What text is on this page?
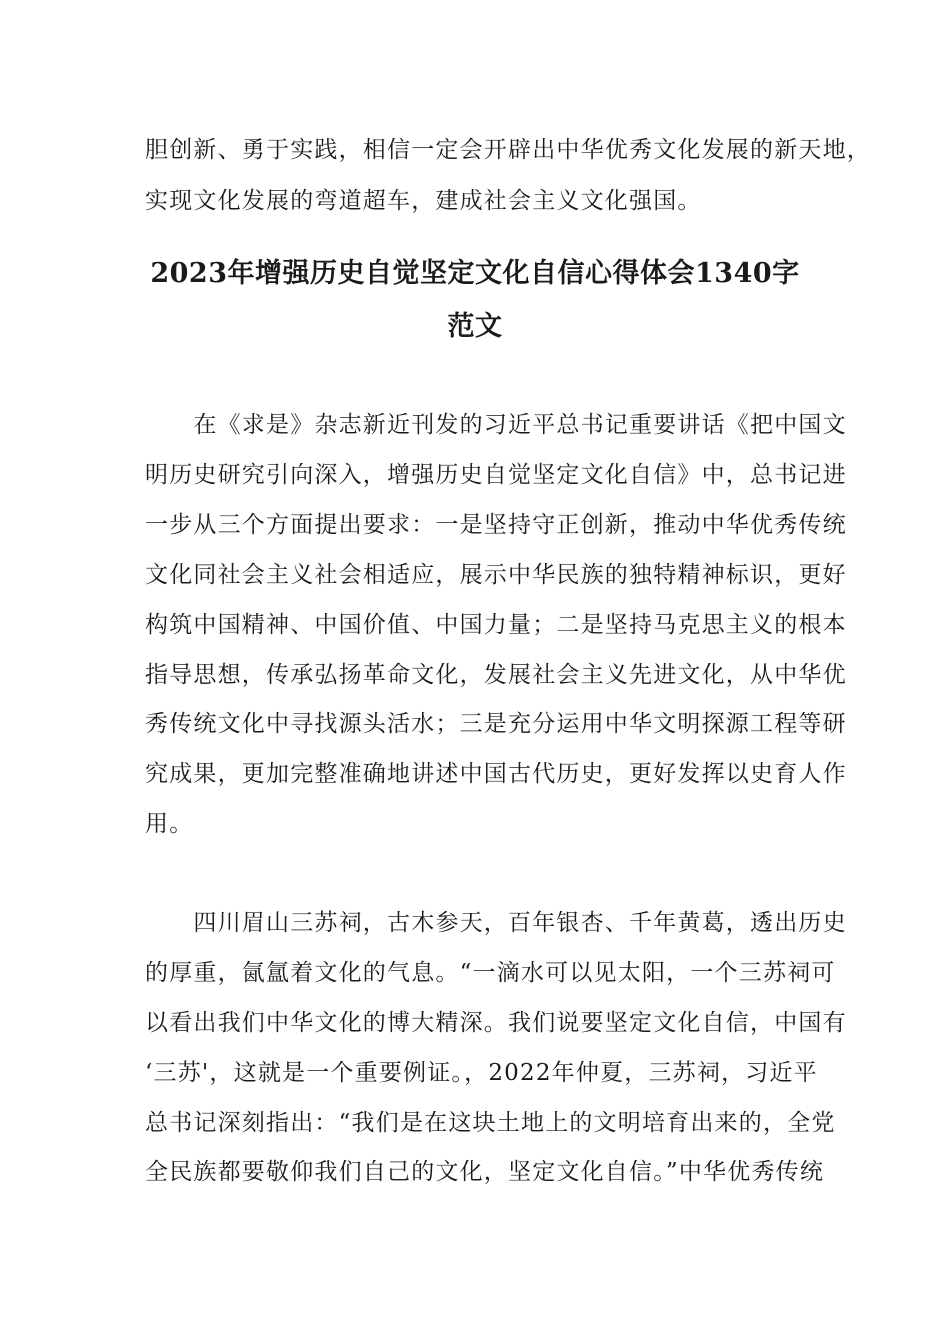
胆创新、勇于实践，相信一定会开辟出中华优秀文化发展的新天地，
实现文化发展的弯道超车，建成社会主义文化强国。
2023年增强历史自觉坚定文化自信心得体会1340字
范文
　　在《求是》杂志新近刊发的习近平总书记重要讲话《把中国文
明历史研究引向深入，增强历史自觉坚定文化自信》中，总书记进
一步从三个方面提出要求：一是坚持守正创新，推动中华优秀传统
文化同社会主义社会相适应，展示中华民族的独特精神标识，更好
构筑中国精神、中国价值、中国力量；二是坚持马克思主义的根本
指导思想，传承弘扬革命文化，发展社会主义先进文化，从中华优
秀传统文化中寻找源头活水；三是充分运用中华文明探源工程等研
究成果，更加完整准确地讲述中国古代历史，更好发挥以史育人作
用。
　　四川眉山三苏祠，古木参天，百年银杏、千年黄葛，透出历史
的厚重，氤氲着文化的气息。“一滴水可以见太阳，一个三苏祠可
以看出我们中华文化的博大精深。我们说要坚定文化自信，中国有
‘三苏'，这就是一个重要例证。，2022年仲夏，三苏祠，习近平
总书记深刻指出：“我们是在这块土地上的文明培育出来的，全党
全民族都要敬仰我们自己的文化，坚定文化自信。”中华优秀传统
